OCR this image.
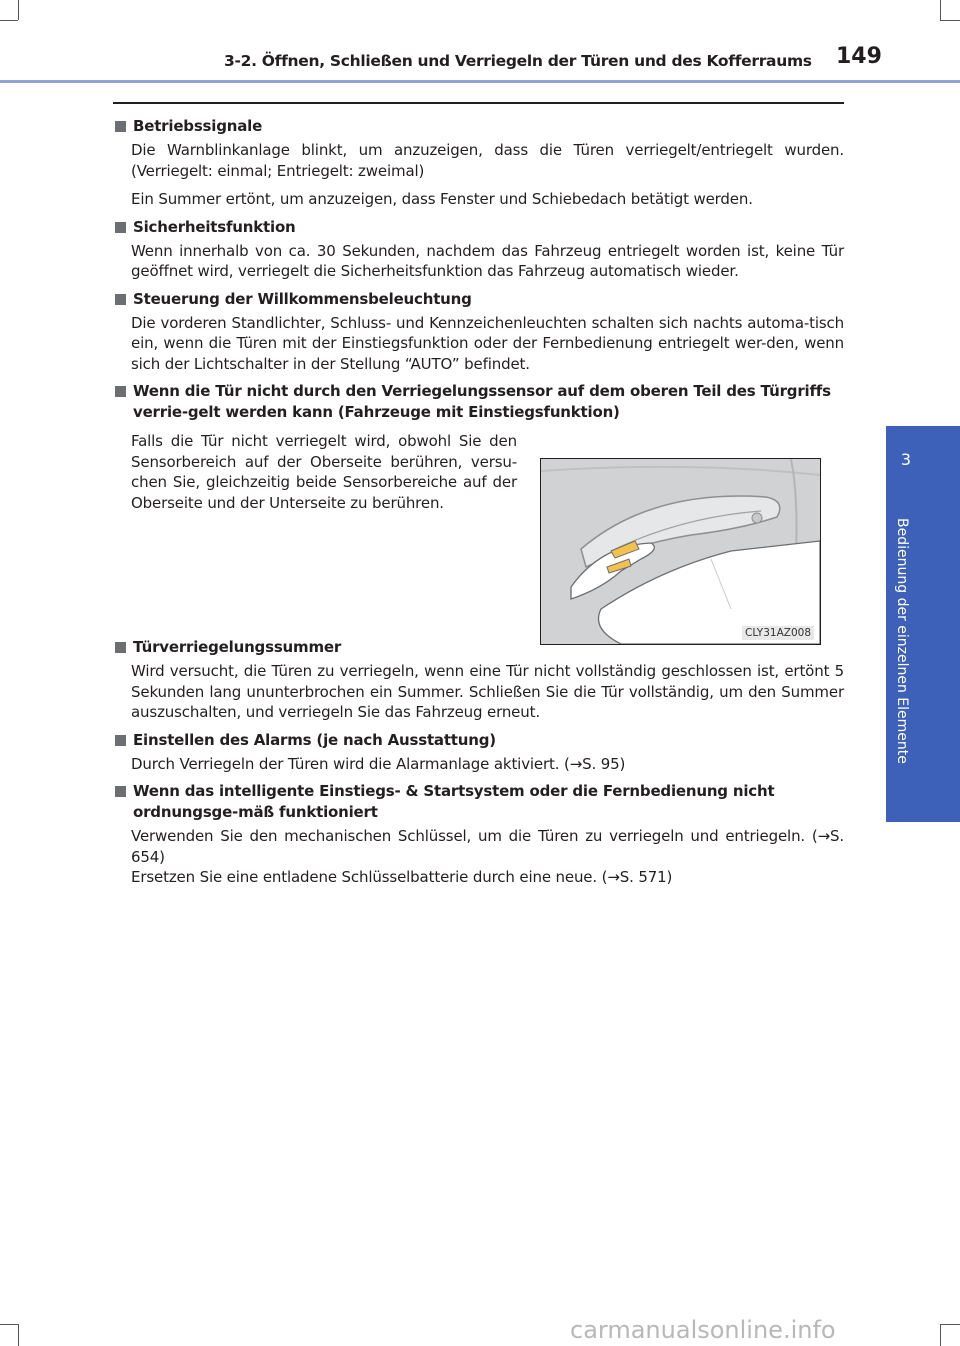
3-2. Öffnen, Schließen und Verriegeln der Türen und des Kofferraums 149
3
Bedienung der einzelnen Elemente
Betriebssignale
Die Warnblinkanlage blinkt, um anzuzeigen, dass die Türen verriegelt/entriegelt wurden. (Verriegelt: einmal; Entriegelt: zweimal)
Ein Summer ertönt, um anzuzeigen, dass Fenster und Schiebedach betätigt werden.
Sicherheitsfunktion
Wenn innerhalb von ca. 30 Sekunden, nachdem das Fahrzeug entriegelt worden ist, keine Tür geöffnet wird, verriegelt die Sicherheitsfunktion das Fahrzeug automatisch wieder.
Steuerung der Willkommensbeleuchtung
Die vorderen Standlichter, Schluss- und Kennzeichenleuchten schalten sich nachts automa-tisch ein, wenn die Türen mit der Einstiegsfunktion oder der Fernbedienung entriegelt wer-den, wenn sich der Lichtschalter in der Stellung “AUTO” befindet.
Wenn die Tür nicht durch den Verriegelungssensor auf dem oberen Teil des Türgriffs verrie-gelt werden kann (Fahrzeuge mit Einstiegsfunktion)
Falls die Tür nicht verriegelt wird, obwohl Sie den Sensorbereich auf der Oberseite berühren, versu-chen Sie, gleichzeitig beide Sensorbereiche auf der Oberseite und der Unterseite zu berühren.
Türverriegelungssummer
Wird versucht, die Türen zu verriegeln, wenn eine Tür nicht vollständig geschlossen ist, ertönt 5 Sekunden lang ununterbrochen ein Summer. Schließen Sie die Tür vollständig, um den Summer auszuschalten, und verriegeln Sie das Fahrzeug erneut.
Einstellen des Alarms (je nach Ausstattung)
Durch Verriegeln der Türen wird die Alarmanlage aktiviert. (→S. 95)
Wenn das intelligente Einstiegs- & Startsystem oder die Fernbedienung nicht ordnungsge-mäß funktioniert
Verwenden Sie den mechanischen Schlüssel, um die Türen zu verriegeln und entriegeln. (→S. 654)
Ersetzen Sie eine entladene Schlüsselbatterie durch eine neue. (→S. 571)
CLY31AZ008
carmanualsonline.info
